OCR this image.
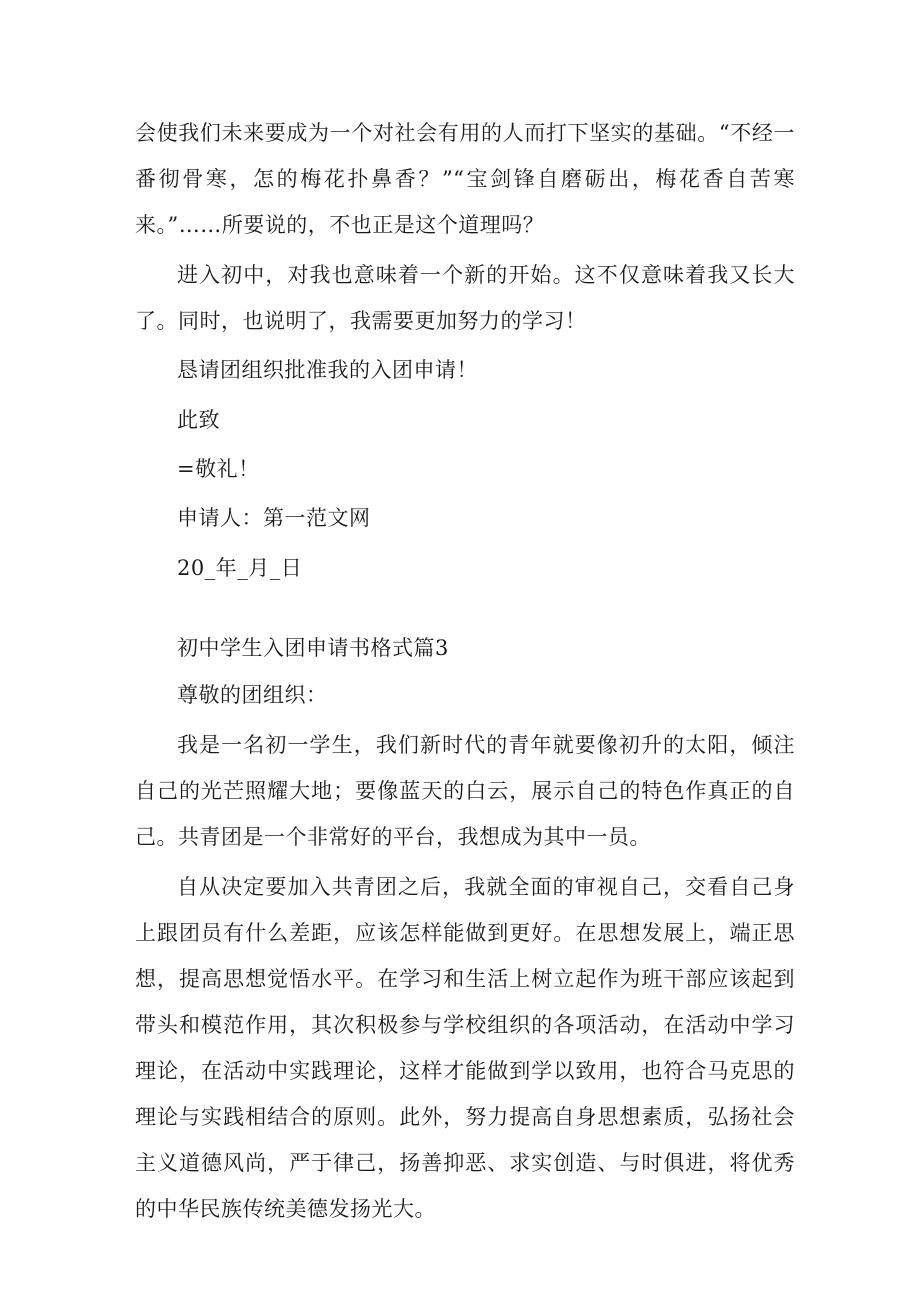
会使我们未来要成为一个对社会有用的人而打下坚实的基础。“不经一番彻骨寒，怎的梅花扑鼻香？”“宝剑锋自磨砺出，梅花香自苦寒来。”……所要说的，不也正是这个道理吗？

进入初中，对我也意味着一个新的开始。这不仅意味着我又长大了。同时，也说明了，我需要更加努力的学习！

恳请团组织批准我的入团申请！

此致

=敬礼！

申请人：第一范文网

20_年_月_日

初中学生入团申请书格式篇3

尊敬的团组织：

我是一名初一学生，我们新时代的青年就要像初升的太阳，倾注自己的光芒照耀大地；要像蓝天的白云，展示自己的特色作真正的自己。共青团是一个非常好的平台，我想成为其中一员。

自从决定要加入共青团之后，我就全面的审视自己，交看自己身上跟团员有什么差距，应该怎样能做到更好。在思想发展上，端正思想，提高思想觉悟水平。在学习和生活上树立起作为班干部应该起到带头和模范作用，其次积极参与学校组织的各项活动，在活动中学习理论，在活动中实践理论，这样才能做到学以致用，也符合马克思的理论与实践相结合的原则。此外，努力提高自身思想素质，弘扬社会主义道德风尚，严于律己，扬善抑恶、求实创造、与时俱进，将优秀的中华民族传统美德发扬光大。
